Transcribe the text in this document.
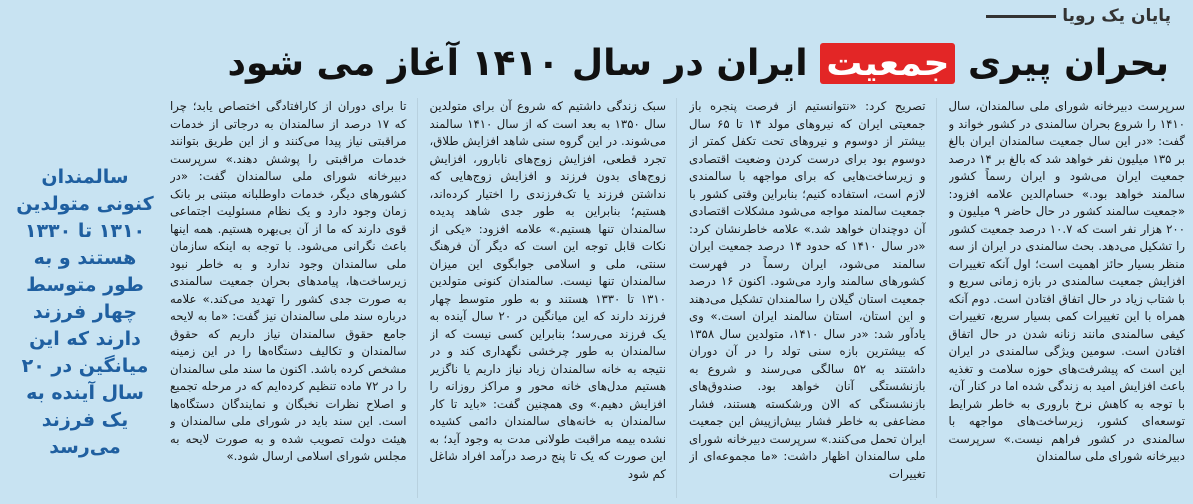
پایان یک رویا
بحران پیری جمعیت ایران در سال ۱۴۱۰ آغاز می شود
سرپرست دبیرخانه شورای ملی سالمندان، سال ۱۴۱۰ را شروع بحران سالمندی در کشور خواند و گفت: «در این سال جمعیت سالمندان ایران بالغ بر ۱۳۵ میلیون نفر خواهد شد که بالغ بر ۱۴ درصد جمعیت ایران می‌شود و ایران رسماً کشور سالمند خواهد بود.» حسام‌الدین علامه افزود: «جمعیت سالمند کشور در حال حاضر ۹ میلیون و ۲۰۰ هزار نفر است که ۱۰.۷ درصد جمعیت کشور را تشکیل می‌دهد. بحث سالمندی در ایران از سه منظر بسیار حائز اهمیت است؛ اول آنکه تغییرات افزایش جمعیت سالمندی در بازه زمانی سریع و با شتاب زیاد در حال اتفاق افتادن است. دوم آنکه همراه با این تغییرات کمی بسیار سریع، تغییرات کیفی سالمندی مانند زنانه شدن در حال اتفاق افتادن است. سومین ویژگی سالمندی در ایران این است که پیشرفت‌های حوزه سلامت و تغذیه باعث افزایش امید به زندگی شده اما در کنار آن، با توجه به کاهش نرخ باروری به خاطر شرایط توسعه‌ای کشور، زیرساخت‌های مواجهه با سالمندی در کشور فراهم نیست.» سرپرست دبیرخانه شورای ملی سالمندان
تصریح کرد: «نتوانستیم از فرصت پنجره باز جمعیتی ایران که نیروهای مولد ۱۴ تا ۶۵ سال بیشتر از دوسوم و نیروهای تحت تکفل کمتر از دوسوم بود برای درست کردن وضعیت اقتصادی و زیرساخت‌هایی که برای مواجهه با سالمندی لازم است، استفاده کنیم؛ بنابراین وقتی کشور با جمعیت سالمند مواجه می‌شود مشکلات اقتصادی آن دوچندان خواهد شد.» علامه خاطرنشان کرد: «در سال ۱۴۱۰ که حدود ۱۴ درصد جمعیت ایران سالمند می‌شود، ایران رسماً در فهرست کشورهای سالمند وارد می‌شود. اکنون ۱۶ درصد جمعیت استان گیلان را سالمندان تشکیل می‌دهند و این استان، استان سالمند ایران است.» وی یادآور شد: «در سال ۱۴۱۰، متولدین سال ۱۳۵۸ که بیشترین بازه سنی تولد را در آن دوران داشتند به ۵۲ سالگی می‌رسند و شروع به بازنشستگی آنان خواهد بود. صندوق‌های بازنشستگی که الان ورشکسته هستند، فشار مضاعفی به خاطر فشار بیش‌ازپیش این جمعیت ایران تحمل می‌کنند.» سرپرست دبیرخانه شورای ملی سالمندان اظهار داشت: «ما مجموعه‌ای از تغییرات
سبک زندگی داشتیم که شروع آن برای متولدین سال ۱۳۵۰ به بعد است که از سال ۱۴۱۰ سالمند می‌شوند. در این گروه سنی شاهد افزایش طلاق، تجرد قطعی، افزایش زوج‌های نابارور، افزایش زوج‌های بدون فرزند و افزایش زوج‌هایی که نداشتن فرزند یا تک‌فرزندی را اختیار کرده‌اند، هستیم؛ بنابراین به طور جدی شاهد پدیده سالمندان تنها هستیم.» علامه افزود: «یکی از نکات قابل توجه این است که دیگر آن فرهنگ سنتی، ملی و اسلامی جوابگوی این میزان سالمندان تنها نیست. سالمندان کنونی متولدین ۱۳۱۰ تا ۱۳۳۰ هستند و به طور متوسط چهار فرزند دارند که این میانگین در ۲۰ سال آینده به یک فرزند می‌رسد؛ بنابراین کسی نیست که از سالمندان به طور چرخشی نگهداری کند و در نتیجه به خانه سالمندان زیاد نیاز داریم یا ناگزیر هستیم مدل‌های خانه محور و مراکز روزانه را افزایش دهیم.» وی همچنین گفت: «باید تا کار سالمندان به خانه‌های سالمندان دائمی کشیده نشده بیمه مراقبت طولانی مدت به وجود آید؛ به این صورت که یک تا پنج درصد درآمد افراد شاغل کم شود
تا برای دوران از کارافتادگی اختصاص یابد؛ چرا که ۱۷ درصد از سالمندان به درجاتی از خدمات مراقبتی نیاز پیدا می‌کنند و از این طریق بتوانند خدمات مراقبتی را پوشش دهند.» سرپرست دبیرخانه شورای ملی سالمندان گفت: «در کشورهای دیگر، خدمات داوطلبانه مبتنی بر بانک زمان وجود دارد و یک نظام مسئولیت اجتماعی قوی دارند که ما از آن بی‌بهره هستیم. همه اینها باعث نگرانی می‌شود. با توجه به اینکه سازمان ملی سالمندان وجود ندارد و به خاطر نبود زیرساخت‌ها، پیامدهای بحران جمعیت سالمندی به صورت جدی کشور را تهدید می‌کند.» علامه درباره سند ملی سالمندان نیز گفت: «ما به لایحه جامع حقوق سالمندان نیاز داریم که حقوق سالمندان و تکالیف دستگاه‌ها را در این زمینه مشخص کرده باشد. اکنون ما سند ملی سالمندان را در ۷۲ ماده تنظیم کرده‌ایم که در مرحله تجمیع و اصلاح نظرات نخبگان و نمایندگان دستگاه‌ها است. این سند باید در شورای ملی سالمندان و هیئت دولت تصویب شده و به صورت لایحه به مجلس شورای اسلامی ارسال شود.»
سالمندان کنونی متولدین ۱۳۱۰ تا ۱۳۳۰ هستند و به طور متوسط چهار فرزند دارند که این میانگین در ۲۰ سال آینده به یک فرزند می‌رسد
